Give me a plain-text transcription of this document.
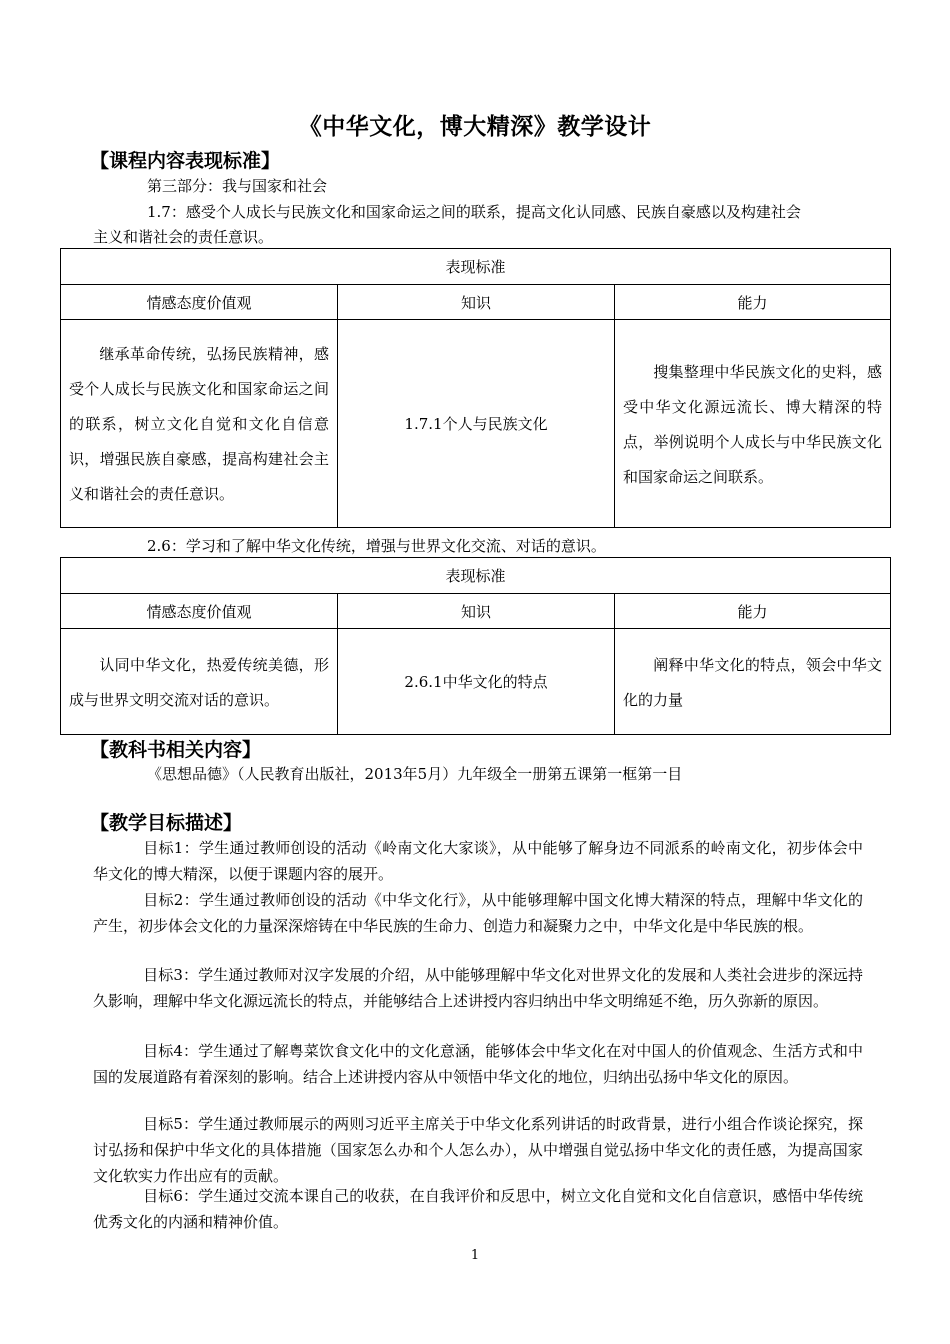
《中华文化，博大精深》教学设计
【课程内容表现标准】
第三部分：我与国家和社会
1.7：感受个人成长与民族文化和国家命运之间的联系，提高文化认同感、民族自豪感以及构建社会
主义和谐社会的责任意识。
表现标准		
情感态度价值观	知识	能力
继承革命传统，弘扬民族精神，感受个人成长与民族文化和国家命运之间的联系，树立文化自觉和文化自信意识，增强民族自豪感，提高构建社会主义和谐社会的责任意识。	1.7.1个人与民族文化	搜集整理中华民族文化的史料，感受中华文化源远流长、博大精深的特点，举例说明个人成长与中华民族文化和国家命运之间联系。
2.6：学习和了解中华文化传统，增强与世界文化交流、对话的意识。
表现标准		
情感态度价值观	知识	能力
认同中华文化，热爱传统美德，形成与世界文明交流对话的意识。	2.6.1中华文化的特点	阐释中华文化的特点，领会中华文化的力量
【教科书相关内容】
《思想品德》（人民教育出版社，2013年5月）九年级全一册第五课第一框第一目
【教学目标描述】
目标1：学生通过教师创设的活动《岭南文化大家谈》，从中能够了解身边不同派系的岭南文化，初步体会中华文化的博大精深，以便于课题内容的展开。
目标2：学生通过教师创设的活动《中华文化行》，从中能够理解中国文化博大精深的特点，理解中华文化的产生，初步体会文化的力量深深熔铸在中华民族的生命力、创造力和凝聚力之中，中华文化是中华民族的根。
目标3：学生通过教师对汉字发展的介绍，从中能够理解中华文化对世界文化的发展和人类社会进步的深远持久影响，理解中华文化源远流长的特点，并能够结合上述讲授内容归纳出中华文明绵延不绝，历久弥新的原因。
目标4：学生通过了解粤菜饮食文化中的文化意涵，能够体会中华文化在对中国人的价值观念、生活方式和中国的发展道路有着深刻的影响。结合上述讲授内容从中领悟中华文化的地位，归纳出弘扬中华文化的原因。
目标5：学生通过教师展示的两则习近平主席关于中华文化系列讲话的时政背景，进行小组合作谈论探究，探讨弘扬和保护中华文化的具体措施（国家怎么办和个人怎么办），从中增强自觉弘扬中华文化的责任感，为提高国家文化软实力作出应有的贡献。
目标6：学生通过交流本课自己的收获，在自我评价和反思中，树立文化自觉和文化自信意识，感悟中华传统优秀文化的内涵和精神价值。
1
